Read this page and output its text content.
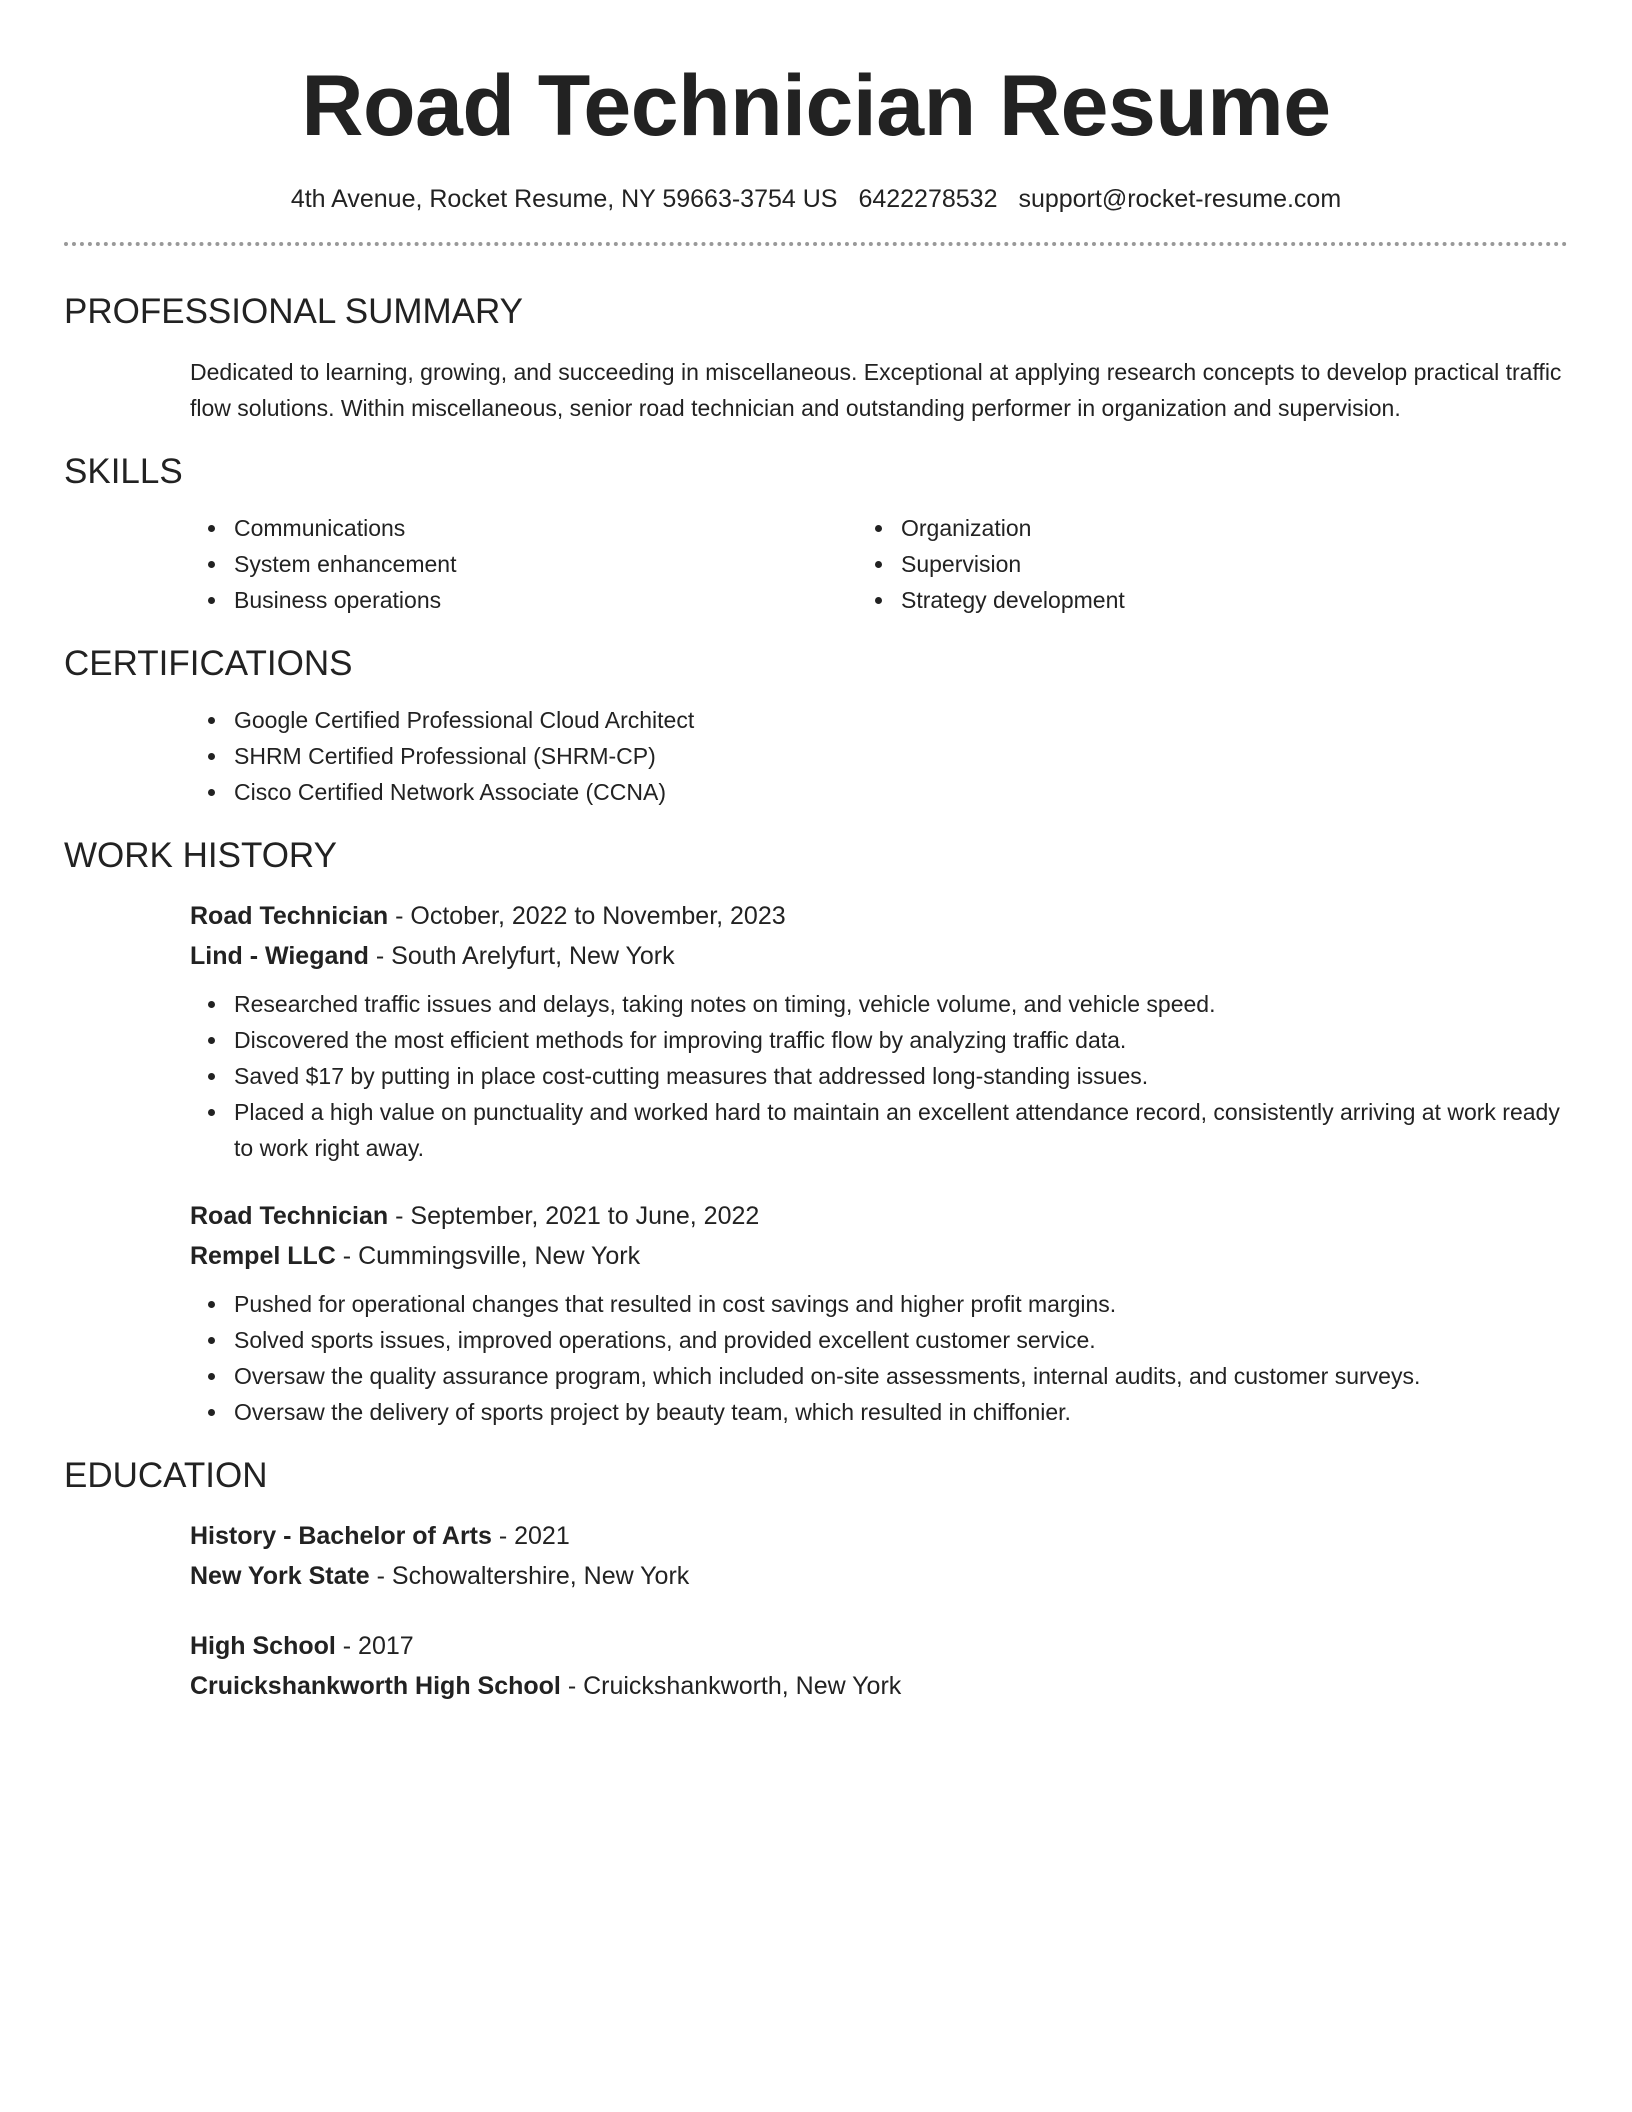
Road Technician Resume
4th Avenue, Rocket Resume, NY 59663-3754 US 6422278532 support@rocket-resume.com
PROFESSIONAL SUMMARY
Dedicated to learning, growing, and succeeding in miscellaneous. Exceptional at applying research concepts to develop practical traffic flow solutions. Within miscellaneous, senior road technician and outstanding performer in organization and supervision.
SKILLS
Communications
System enhancement
Business operations
Organization
Supervision
Strategy development
CERTIFICATIONS
Google Certified Professional Cloud Architect
SHRM Certified Professional (SHRM-CP)
Cisco Certified Network Associate (CCNA)
WORK HISTORY
Road Technician - October, 2022 to November, 2023
Lind - Wiegand - South Arelyfurt, New York
Researched traffic issues and delays, taking notes on timing, vehicle volume, and vehicle speed.
Discovered the most efficient methods for improving traffic flow by analyzing traffic data.
Saved $17 by putting in place cost-cutting measures that addressed long-standing issues.
Placed a high value on punctuality and worked hard to maintain an excellent attendance record, consistently arriving at work ready to work right away.
Road Technician - September, 2021 to June, 2022
Rempel LLC - Cummingsville, New York
Pushed for operational changes that resulted in cost savings and higher profit margins.
Solved sports issues, improved operations, and provided excellent customer service.
Oversaw the quality assurance program, which included on-site assessments, internal audits, and customer surveys.
Oversaw the delivery of sports project by beauty team, which resulted in chiffonier.
EDUCATION
History - Bachelor of Arts - 2021
New York State - Schowaltershire, New York
High School - 2017
Cruickshankworth High School - Cruickshankworth, New York
